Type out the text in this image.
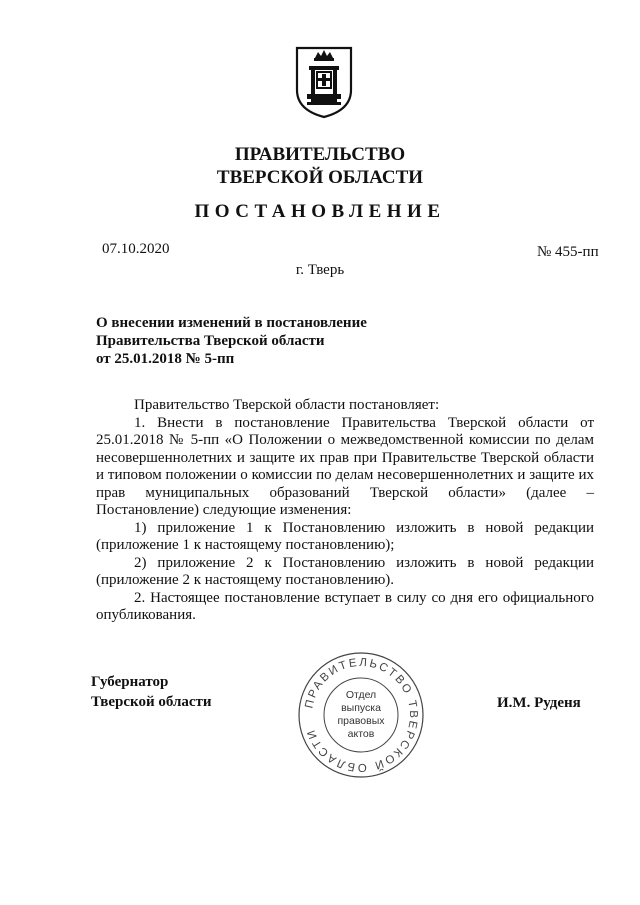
ПРАВИТЕЛЬСТВО
ТВЕРСКОЙ ОБЛАСТИ
ПОСТАНОВЛЕНИЕ
07.10.2020	№ 455-пп
г. Тверь
О внесении изменений в постановление
Правительства Тверской области
от 25.01.2018 № 5-пп

Правительство Тверской области постановляет:

1. Внести в постановление Правительства Тверской области от 25.01.2018 № 5-пп «О Положении о межведомственной комиссии по делам несовершеннолетних и защите их прав при Правительстве Тверской области и типовом положении о комиссии по делам несовершеннолетних и защите их прав муниципальных образований Тверской области» (далее – Постановление) следующие изменения:

1) приложение 1 к Постановлению изложить в новой редакции (приложение 1 к настоящему постановлению);

2) приложение 2 к Постановлению изложить в новой редакции (приложение 2 к настоящему постановлению).

2. Настоящее постановление вступает в силу со дня его официального опубликования.

Губернатор
Тверской области	И.М. Руденя
ПРАВИТЕЛЬСТВО ТВЕРСКОЙ ОБЛАСТИ
Отдел
выпуска
правовых
актов
